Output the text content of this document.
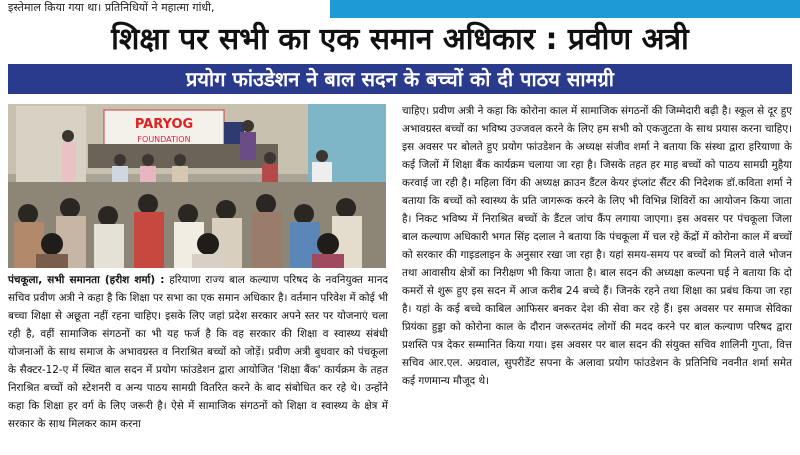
इस्तेमाल किया गया था। प्रतिनिधियों ने महात्मा गांधी,
शिक्षा पर सभी का एक समान अधिकार : प्रवीण अत्री
प्रयोग फांउडेशन ने बाल सदन के बच्चों को दी पाठय सामग्री
PARYOG
FOUNDATION

पंचकूला, सभी समानता (हरीश शर्मा) : हरियाणा राज्य बाल कल्याण परिषद के नवनियुक्त मानद सचिव प्रवीण अत्री ने कहा है कि शिक्षा पर सभा का एक समान अधिकार है। वर्तमान परिवेश में कोई भी बच्चा शिक्षा से अछूता नहीं रहना चाहिए। इसके लिए जहां प्रदेश सरकार अपने स्तर पर योजनाएं चला रही है, वहीं सामाजिक संगठनों का भी यह फर्ज है कि वह सरकार की शिक्षा व स्वास्थ्य संबंधी योजनाओं के साथ समाज के अभावग्रस्त व निराश्रित बच्चों को जोड़ें। प्रवीण अत्री बुधवार को पंचकूला के सैक्टर-12-ए में स्थित बाल सदन में प्रयोग फांउडेशन द्वारा आयोजित 'शिक्षा बैंक' कार्यक्रम के तहत निराश्रित बच्चों को स्टेशनरी व अन्य पाठय सामग्री वितरित करने के बाद संबोधित कर रहे थे। उन्होंने कहा कि शिक्षा हर वर्ग के लिए जरूरी है। ऐसे में सामाजिक संगठनों को शिक्षा व स्वास्थ्य के क्षेत्र में सरकार के साथ मिलकर काम करना

चाहिए। प्रवीण अत्री ने कहा कि कोरोना काल में सामाजिक संगठनों की जिम्मेदारी बढ़ी है। स्कूल से दूर हुए अभावग्रस्त बच्चों का भविष्य उज्जवल करने के लिए हम सभी को एकजुटता के साथ प्रयास करना चाहिए। इस अवसर पर बोलते हुए प्रयोग फांउडेशन के अध्यक्ष संजीव शर्मा ने बताया कि संस्था द्वारा हरियाणा के कई जिलों में शिक्षा बैंक कार्यक्रम चलाया जा रहा है। जिसके तहत हर माह बच्चों को पाठय सामग्री मुहैया करवाई जा रही है। महिला विंग की अध्यक्ष क्राउन डैंटल केयर इंप्लांट सैंटर की निदेशक डॉ.कविता शर्मा ने बताया कि बच्चों को स्वास्थ्य के प्रति जागरूक करने के लिए भी विभिन्न शिविरों का आयोजन किया जाता है। निकट भविष्य में निराश्रित बच्चों के डैंटल जांच कैंप लगाया जाएगा। इस अवसर पर पंचकूला जिला बाल कल्याण अधिकारी भगत सिंह दलाल ने बताया कि पंचकूला में चल रहे केंद्रों में कोरोना काल में बच्चों को सरकार की गाइडलाइन के अनुसार रखा जा रहा है। यहां समय-समय पर बच्चों को मिलने वाले भोजन तथा आवासीय क्षेत्रों का निरीक्षण भी किया जाता है। बाल सदन की अध्यक्षा कल्पना घई ने बताया कि दो कमरों से शुरू हुए इस सदन में आज करीब 24 बच्चे हैं। जिनके रहने तथा शिक्षा का प्रबंध किया जा रहा है। यहां के कई बच्चे काबिल आफिसर बनकर देश की सेवा कर रहे हैं। इस अवसर पर समाज सेविका प्रियंका हुड्डा को कोरोना काल के दौरान जरूरतमंद लोगों की मदद करने पर बाल कल्याण परिषद द्वारा प्रशस्ति पत्र देकर सम्मानित किया गया। इस अवसर पर बाल सदन की संयुक्त सचिव शालिनी गुप्ता, वित्त सचिव आर.एल. अग्रवाल, सुपरीडेंट सपना के अलावा प्रयोग फांउडेशन के प्रतिनिधि नवनीत शर्मा समेत कई गणमान्य मौजूद थे।
